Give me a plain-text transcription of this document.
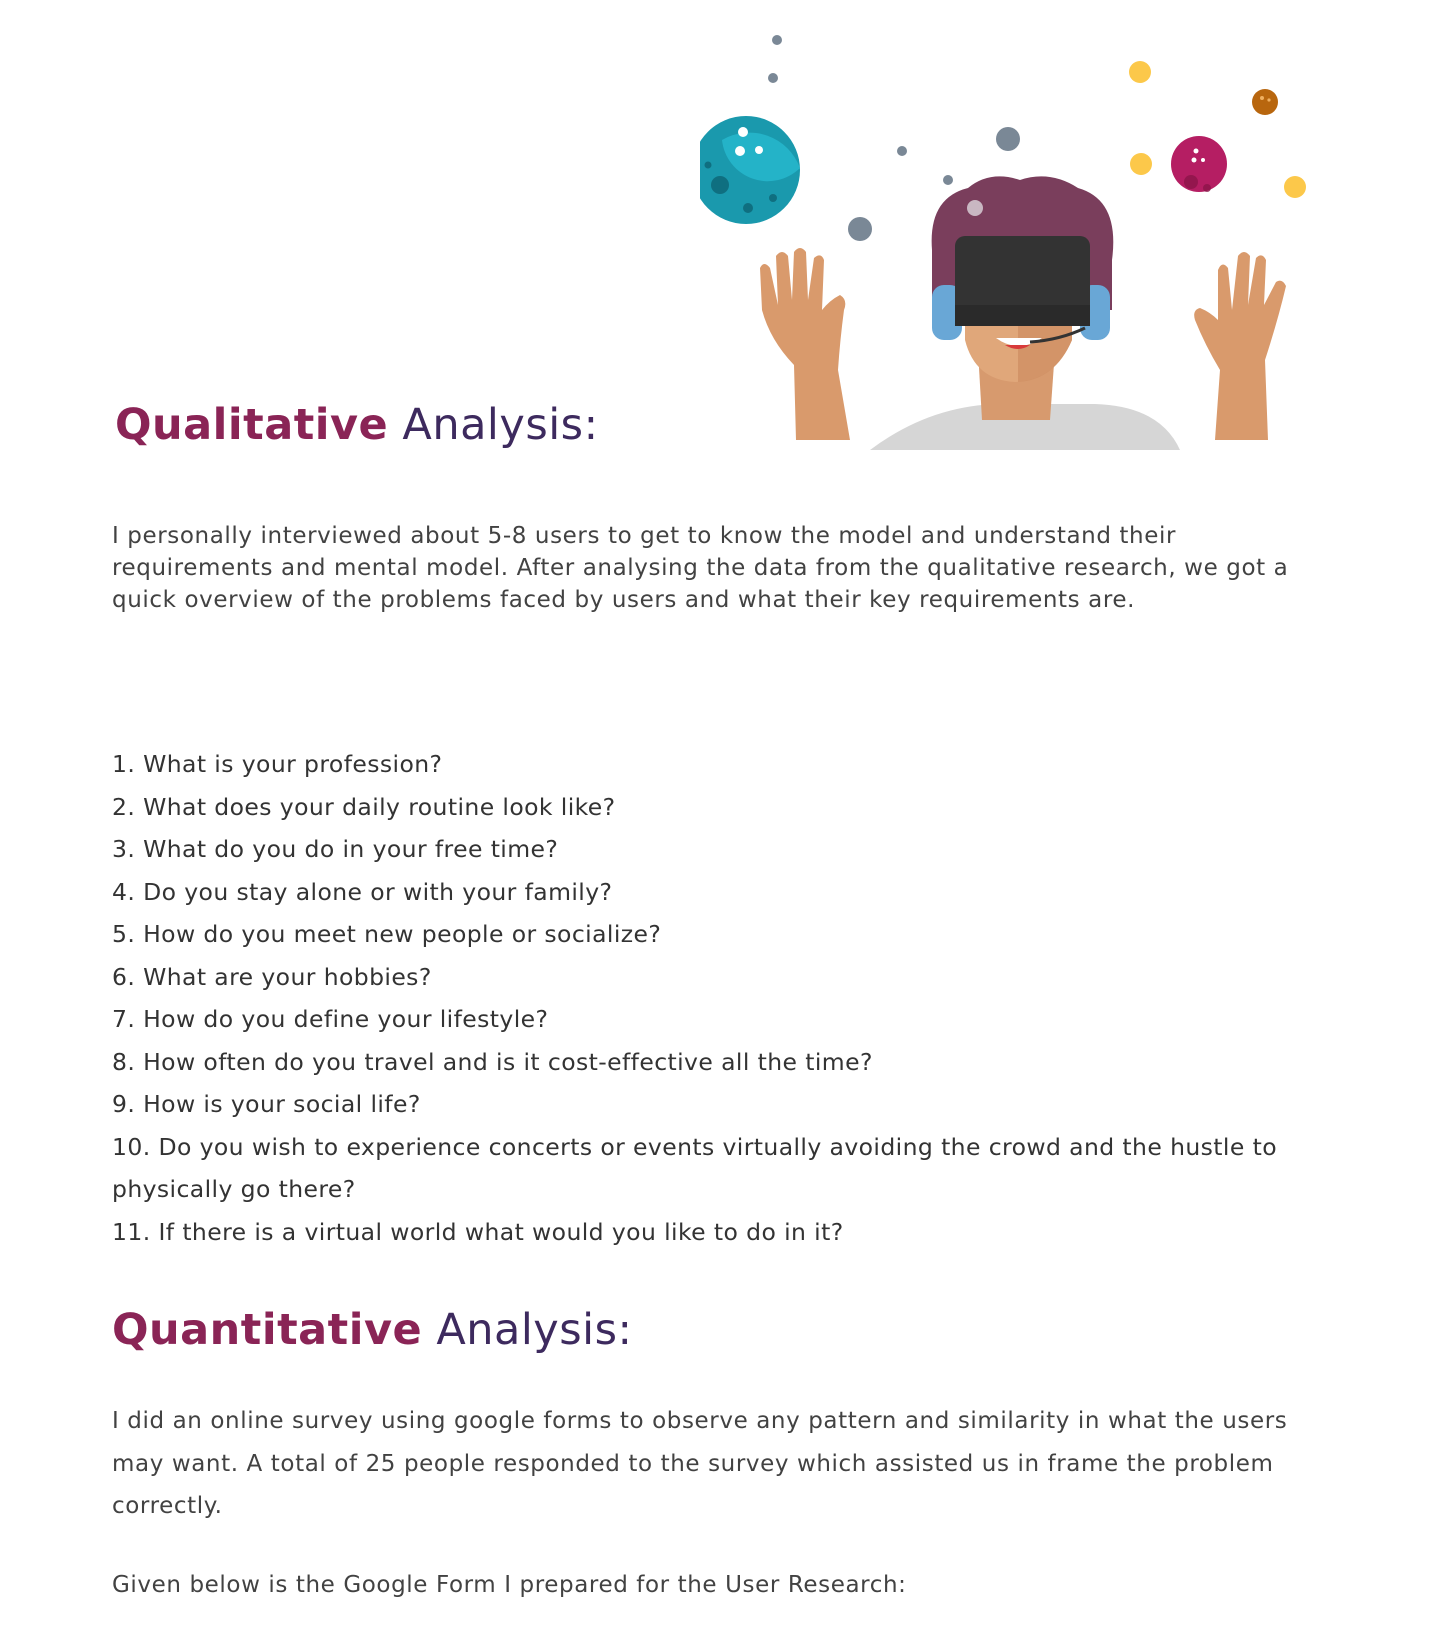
Qualitative Analysis:

I personally interviewed about 5-8 users to get to know the model and understand their requirements and mental model. After analysing the data from the qualitative research, we got a quick overview of the problems faced by users and what their key requirements are.

1. What is your profession?
2. What does your daily routine look like?
3. What do you do in your free time?
4. Do you stay alone or with your family?
5. How do you meet new people or socialize?
6. What are your hobbies?
7. How do you define your lifestyle?
8. How often do you travel and is it cost-effective all the time?
9. How is your social life?
10. Do you wish to experience concerts or events virtually avoiding the crowd and the hustle to physically go there?
11. If there is a virtual world what would you like to do in it?
Quantitative Analysis:

I did an online survey using google forms to observe any pattern and similarity in what the users may want. A total of 25 people responded to the survey which assisted us in frame the problem correctly.

Given below is the Google Form I prepared for the User Research:
